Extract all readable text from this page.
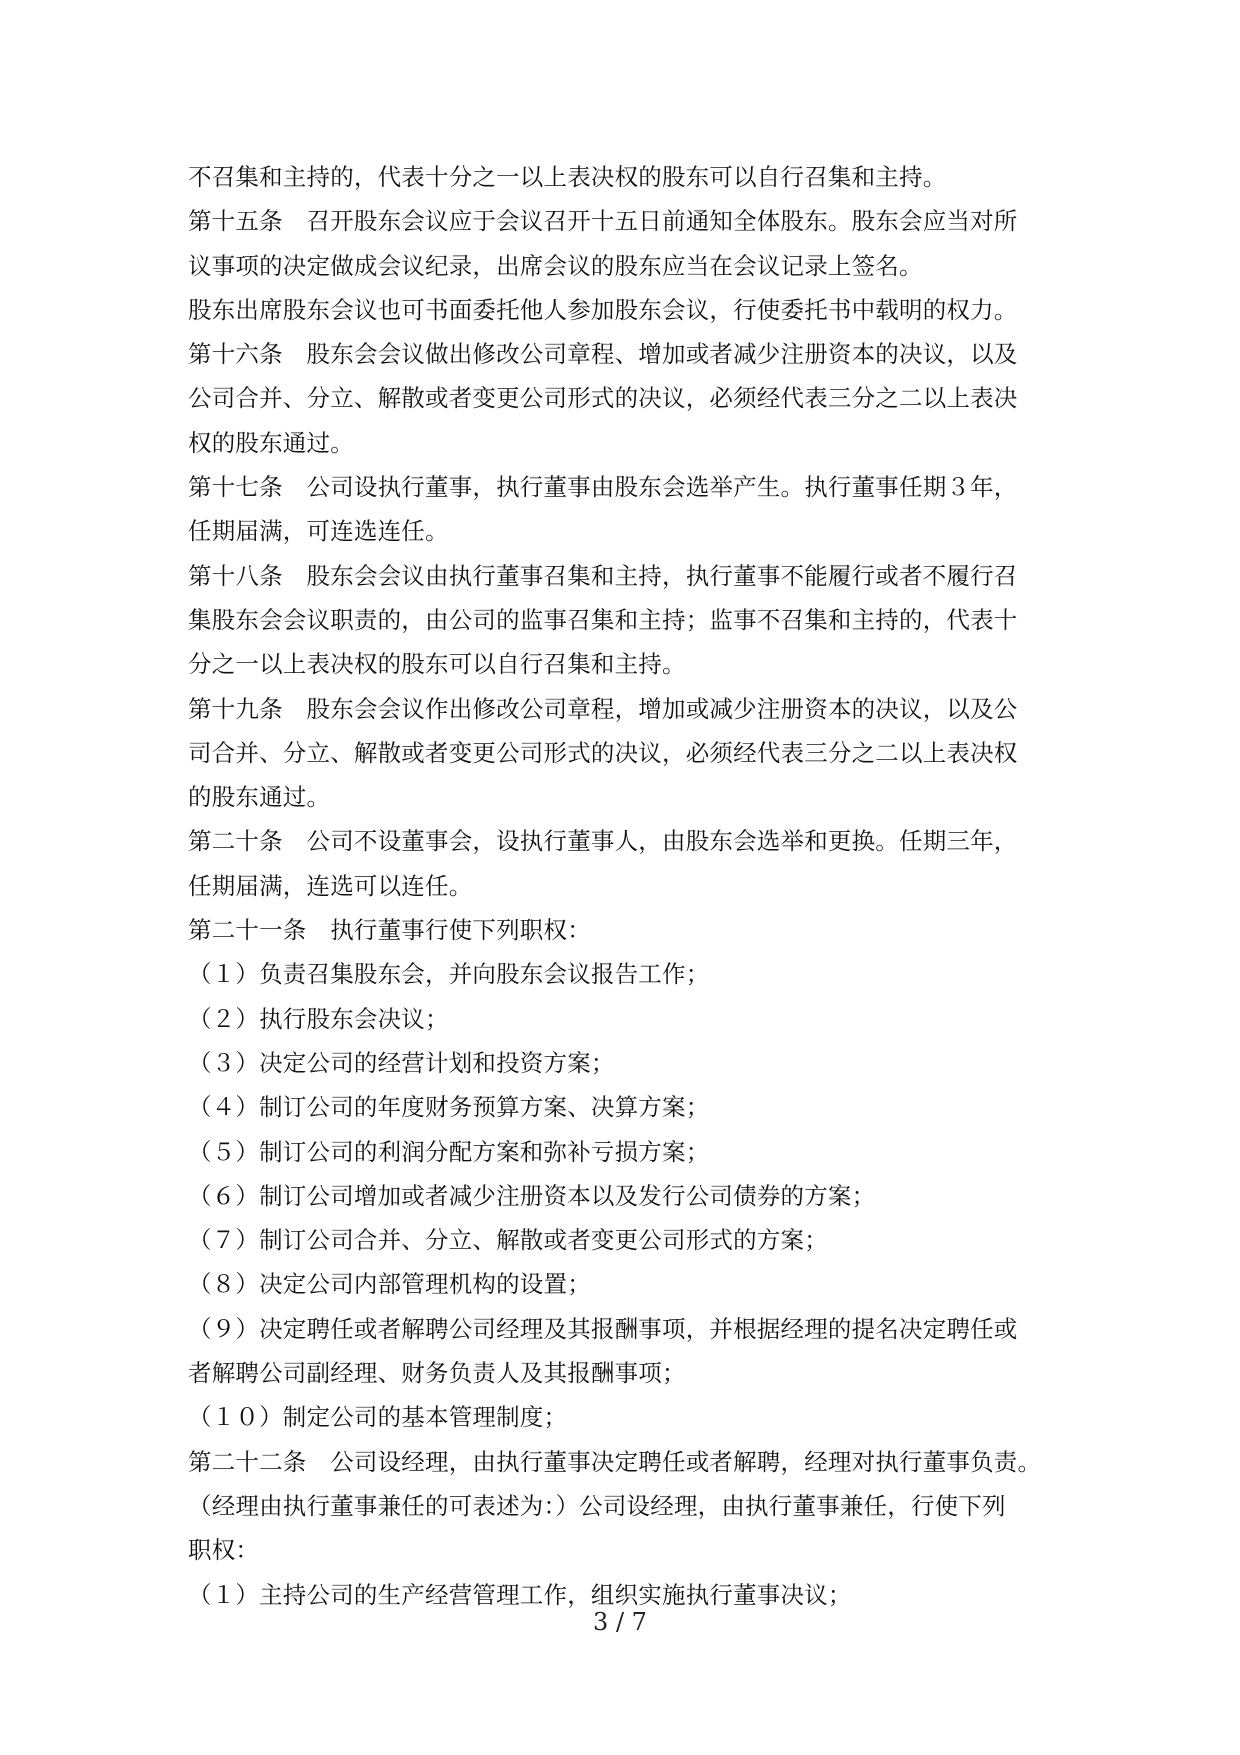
不召集和主持的，代表十分之一以上表决权的股东可以自行召集和主持。
第十五条　召开股东会议应于会议召开十五日前通知全体股东。股东会应当对所
议事项的决定做成会议纪录，出席会议的股东应当在会议记录上签名。
股东出席股东会议也可书面委托他人参加股东会议，行使委托书中载明的权力。
第十六条　股东会会议做出修改公司章程、增加或者减少注册资本的决议，以及
公司合并、分立、解散或者变更公司形式的决议，必须经代表三分之二以上表决
权的股东通过。
第十七条　公司设执行董事，执行董事由股东会选举产生。执行董事任期３年，
任期届满，可连选连任。
第十八条　股东会会议由执行董事召集和主持，执行董事不能履行或者不履行召
集股东会会议职责的，由公司的监事召集和主持；监事不召集和主持的，代表十
分之一以上表决权的股东可以自行召集和主持。
第十九条　股东会会议作出修改公司章程，增加或减少注册资本的决议，以及公
司合并、分立、解散或者变更公司形式的决议，必须经代表三分之二以上表决权
的股东通过。
第二十条　公司不设董事会，设执行董事人，由股东会选举和更换。任期三年，
任期届满，连选可以连任。
第二十一条　执行董事行使下列职权：
（１）负责召集股东会，并向股东会议报告工作；
（２）执行股东会决议；
（３）决定公司的经营计划和投资方案；
（４）制订公司的年度财务预算方案、决算方案；
（５）制订公司的利润分配方案和弥补亏损方案；
（６）制订公司增加或者减少注册资本以及发行公司债券的方案；
（７）制订公司合并、分立、解散或者变更公司形式的方案；
（８）决定公司内部管理机构的设置；
（９）决定聘任或者解聘公司经理及其报酬事项，并根据经理的提名决定聘任或
者解聘公司副经理、财务负责人及其报酬事项；
（１０）制定公司的基本管理制度；
第二十二条　公司设经理，由执行董事决定聘任或者解聘，经理对执行董事负责。
（经理由执行董事兼任的可表述为：）公司设经理，由执行董事兼任，行使下列
职权：
（１）主持公司的生产经营管理工作，组织实施执行董事决议；
3 / 7
